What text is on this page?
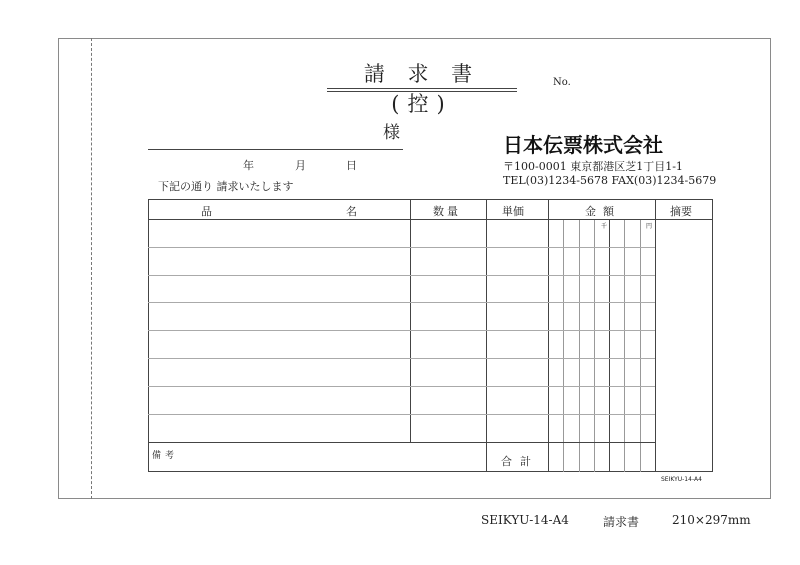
請 求 書 (控)
No.
様
年	月	日
下記の通り 請求いたします
日本伝票株式会社
〒100-0001 東京都港区芝1丁目1-1
TEL(03)1234-5678 FAX(03)1234-5679
品	名	数量	単価	金  額	摘要
千	円
備考	合計
SEIKYU-14-A4
SEIKYU-14-A4	請求書	210×297mm
